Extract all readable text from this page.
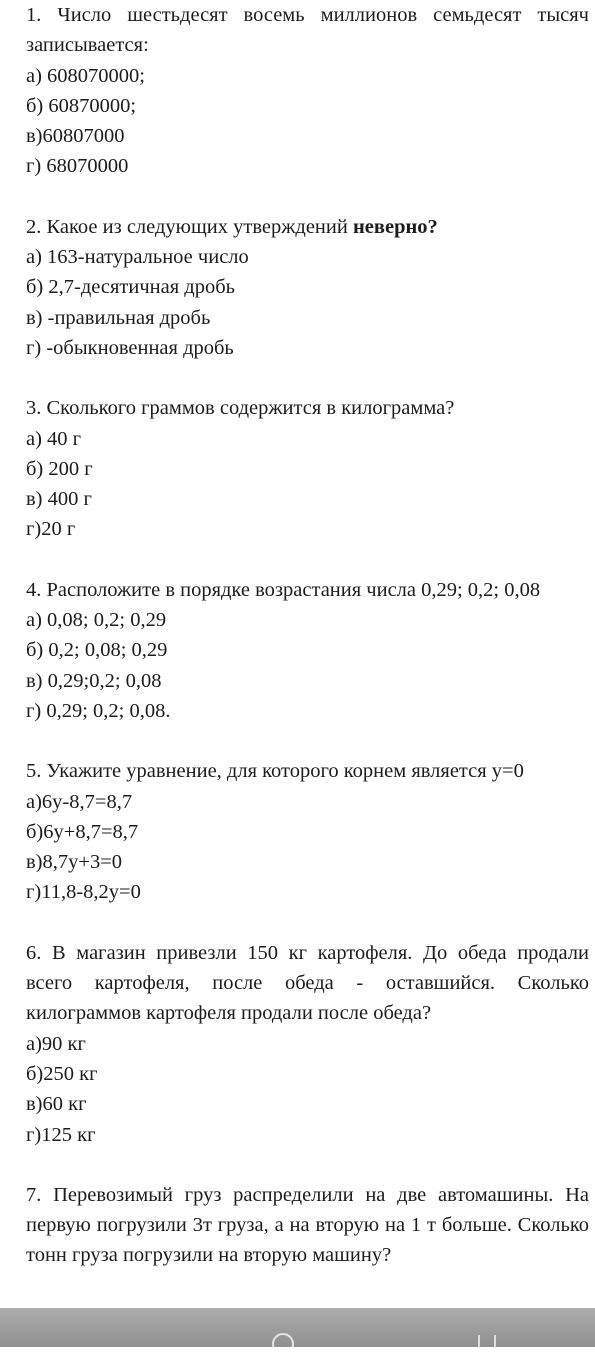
1. Число шестьдесят восемь миллионов семьдесят тысяч записывается:

а) 608070000;

б) 60870000;

в)60807000

г) 68070000

2. Какое из следующих утверждений неверно?

а) 163-натуральное число

б) 2,7-десятичная дробь

в) -правильная дробь

г) -обыкновенная дробь

3. Сколького граммов содержится в килограмма?

а) 40 г

б) 200 г

в) 400 г

г)20 г

4. Расположите в порядке возрастания числа 0,29; 0,2; 0,08

а) 0,08; 0,2; 0,29

б) 0,2; 0,08; 0,29

в) 0,29;0,2; 0,08

г) 0,29; 0,2; 0,08.

5. Укажите уравнение, для которого корнем является у=0

а)6у-8,7=8,7

б)6у+8,7=8,7

в)8,7у+3=0

г)11,8-8,2у=0

6. В магазин привезли 150 кг картофеля. До обеда продали всего картофеля, после обеда - оставшийся. Сколько килограммов картофеля продали после обеда?

а)90 кг

б)250 кг

в)60 кг

г)125 кг

7. Перевозимый груз распределили на две автомашины. На первую погрузили 3т груза, а на вторую на 1 т больше. Сколько тонн груза погрузили на вторую машину?
